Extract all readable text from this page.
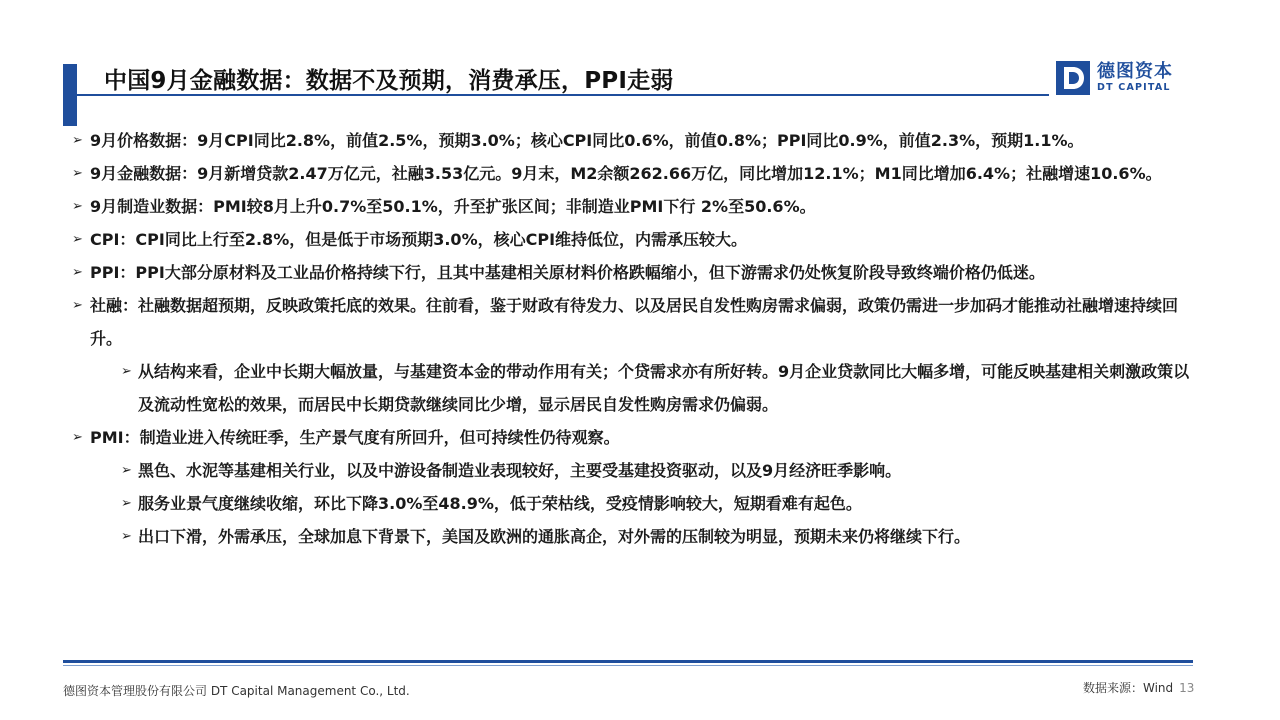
中国9月金融数据：数据不及预期，消费承压，PPI走弱	德图资本
DT CAPITAL
➢ 9月价格数据：9月CPI同比2.8%，前值2.5%，预期3.0%；核心CPI同比0.6%，前值0.8%；PPI同比0.9%，前值2.3%，预期1.1%。
➢ 9月金融数据：9月新增贷款2.47万亿元，社融3.53亿元。9月末，M2余额262.66万亿，同比增加12.1%；M1同比增加6.4%；社融增速10.6%。
➢ 9月制造业数据：PMI较8月上升0.7%至50.1%，升至扩张区间；非制造业PMI下行 2%至50.6%。
➢ CPI：CPI同比上行至2.8%，但是低于市场预期3.0%，核心CPI维持低位，内需承压较大。
➢ PPI：PPI大部分原材料及工业品价格持续下行，且其中基建相关原材料价格跌幅缩小，但下游需求仍处恢复阶段导致终端价格仍低迷。
➢ 社融：社融数据超预期，反映政策托底的效果。往前看，鉴于财政有待发力、以及居民自发性购房需求偏弱，政策仍需进一步加码才能推动社融增速持续回升。
➢ 从结构来看，企业中长期大幅放量，与基建资本金的带动作用有关；个贷需求亦有所好转。9月企业贷款同比大幅多增，可能反映基建相关刺激政策以及流动性宽松的效果，而居民中长期贷款继续同比少增，显示居民自发性购房需求仍偏弱。
➢ PMI：制造业进入传统旺季，生产景气度有所回升，但可持续性仍待观察。
➢ 黑色、水泥等基建相关行业，以及中游设备制造业表现较好，主要受基建投资驱动，以及9月经济旺季影响。
➢ 服务业景气度继续收缩，环比下降3.0%至48.9%，低于荣枯线，受疫情影响较大，短期看难有起色。
➢ 出口下滑，外需承压，全球加息下背景下，美国及欧洲的通胀高企，对外需的压制较为明显，预期未来仍将继续下行。
德图资本管理股份有限公司 DT Capital Management Co., Ltd.	数据来源：Wind 13
